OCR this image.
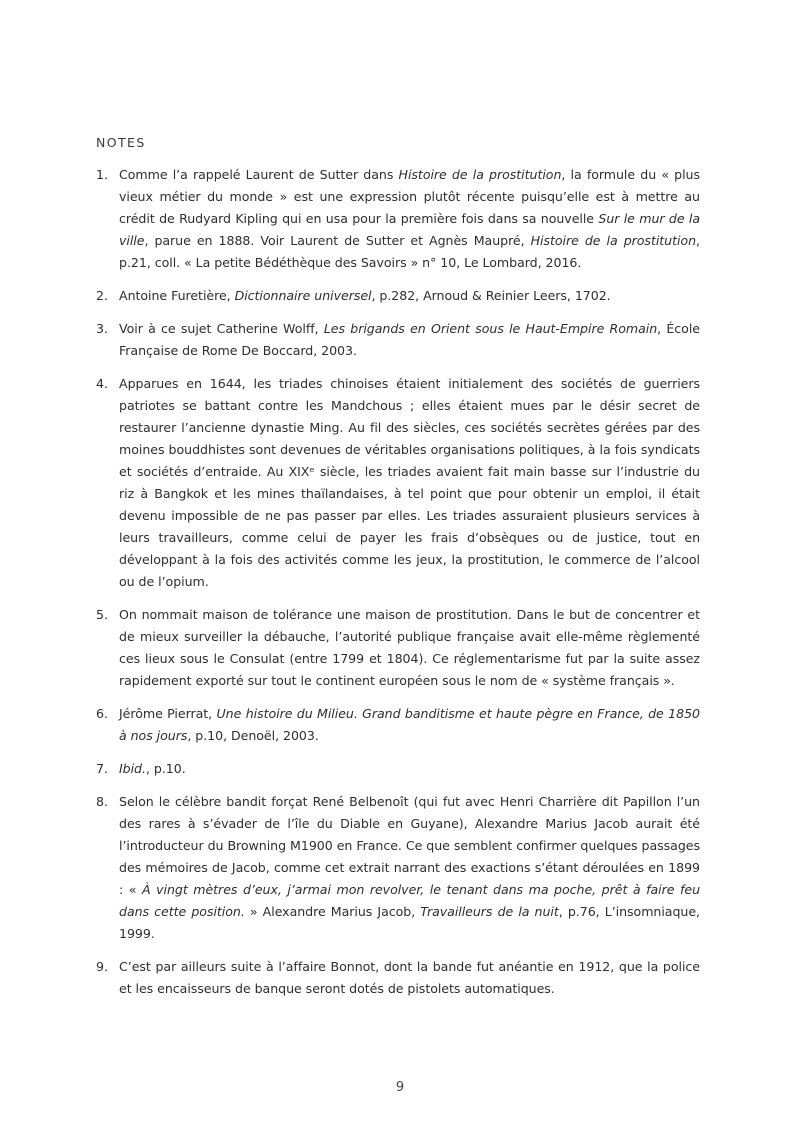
NOTES
1. Comme l’a rappelé Laurent de Sutter dans Histoire de la prostitution, la formule du « plus vieux métier du monde » est une expression plutôt récente puisqu’elle est à mettre au crédit de Rudyard Kipling qui en usa pour la première fois dans sa nouvelle Sur le mur de la ville, parue en 1888. Voir Laurent de Sutter et Agnès Maupré, Histoire de la prostitution, p.21, coll. « La petite Bédéthèque des Savoirs » n° 10, Le Lombard, 2016.
2. Antoine Furetière, Dictionnaire universel, p.282, Arnoud & Reinier Leers, 1702.
3. Voir à ce sujet Catherine Wolff, Les brigands en Orient sous le Haut-Empire Romain, École Française de Rome De Boccard, 2003.
4. Apparues en 1644, les triades chinoises étaient initialement des sociétés de guerriers patriotes se battant contre les Mandchous ; elles étaient mues par le désir secret de restaurer l’ancienne dynastie Ming. Au fil des siècles, ces sociétés secrètes gérées par des moines bouddhistes sont devenues de véritables organisations politiques, à la fois syndicats et sociétés d’entraide. Au XIXᵉ siècle, les triades avaient fait main basse sur l’industrie du riz à Bangkok et les mines thaïlandaises, à tel point que pour obtenir un emploi, il était devenu impossible de ne pas passer par elles. Les triades assuraient plusieurs services à leurs travailleurs, comme celui de payer les frais d’obsèques ou de justice, tout en développant à la fois des activités comme les jeux, la prostitution, le commerce de l’alcool ou de l’opium.
5. On nommait maison de tolérance une maison de prostitution. Dans le but de concentrer et de mieux surveiller la débauche, l’autorité publique française avait elle-même règlementé ces lieux sous le Consulat (entre 1799 et 1804). Ce réglementarisme fut par la suite assez rapidement exporté sur tout le continent européen sous le nom de « système français ».
6. Jérôme Pierrat, Une histoire du Milieu. Grand banditisme et haute pègre en France, de 1850 à nos jours, p.10, Denoël, 2003.
7. Ibid., p.10.
8. Selon le célèbre bandit forçat René Belbenoît (qui fut avec Henri Charrière dit Papillon l’un des rares à s’évader de l’île du Diable en Guyane), Alexandre Marius Jacob aurait été l’introducteur du Browning M1900 en France. Ce que semblent confirmer quelques passages des mémoires de Jacob, comme cet extrait narrant des exactions s’étant déroulées en 1899 : « À vingt mètres d’eux, j’armai mon revolver, le tenant dans ma poche, prêt à faire feu dans cette position. » Alexandre Marius Jacob, Travailleurs de la nuit, p.76, L’insomniaque, 1999.
9. C’est par ailleurs suite à l’affaire Bonnot, dont la bande fut anéantie en 1912, que la police et les encaisseurs de banque seront dotés de pistolets automatiques.
9
